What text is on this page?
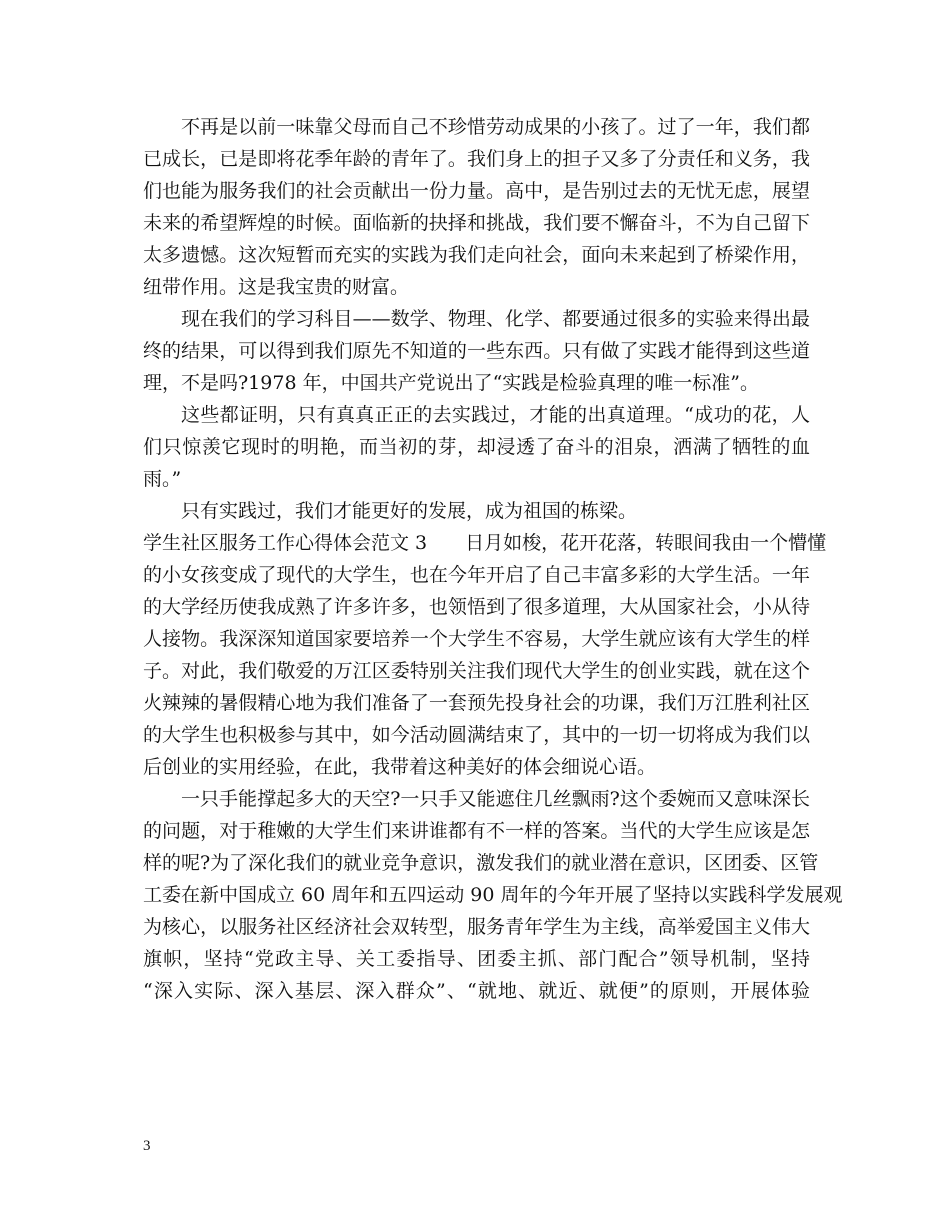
不再是以前一味靠父母而自己不珍惜劳动成果的小孩了。过了一年，我们都
已成长，已是即将花季年龄的青年了。我们身上的担子又多了分责任和义务，我
们也能为服务我们的社会贡献出一份力量。高中，是告别过去的无忧无虑，展望
未来的希望辉煌的时候。面临新的抉择和挑战，我们要不懈奋斗，不为自己留下
太多遗憾。这次短暂而充实的实践为我们走向社会，面向未来起到了桥梁作用，
纽带作用。这是我宝贵的财富。
现在我们的学习科目——数学、物理、化学、都要通过很多的实验来得出最
终的结果，可以得到我们原先不知道的一些东西。只有做了实践才能得到这些道
理，不是吗?1978 年，中国共产党说出了“实践是检验真理的唯一标准”。
这些都证明，只有真真正正的去实践过，才能的出真道理。“成功的花，人
们只惊羡它现时的明艳，而当初的芽，却浸透了奋斗的泪泉，洒满了牺牲的血
雨。”
只有实践过，我们才能更好的发展，成为祖国的栋梁。
学生社区服务工作心得体会范文 3　　日月如梭，花开花落，转眼间我由一个懵懂
的小女孩变成了现代的大学生，也在今年开启了自己丰富多彩的大学生活。一年
的大学经历使我成熟了许多许多，也领悟到了很多道理，大从国家社会，小从待
人接物。我深深知道国家要培养一个大学生不容易，大学生就应该有大学生的样
子。对此，我们敬爱的万江区委特别关注我们现代大学生的创业实践，就在这个
火辣辣的暑假精心地为我们准备了一套预先投身社会的功课，我们万江胜利社区
的大学生也积极参与其中，如今活动圆满结束了，其中的一切一切将成为我们以
后创业的实用经验，在此，我带着这种美好的体会细说心语。
一只手能撑起多大的天空?一只手又能遮住几丝飘雨?这个委婉而又意味深长
的问题，对于稚嫩的大学生们来讲谁都有不一样的答案。当代的大学生应该是怎
样的呢?为了深化我们的就业竞争意识，激发我们的就业潜在意识，区团委、区管
工委在新中国成立 60 周年和五四运动 90 周年的今年开展了坚持以实践科学发展观
为核心，以服务社区经济社会双转型，服务青年学生为主线，高举爱国主义伟大
旗帜，坚持“党政主导、关工委指导、团委主抓、部门配合”领导机制，坚持
“深入实际、深入基层、深入群众”、“就地、就近、就便”的原则，开展体验
3
